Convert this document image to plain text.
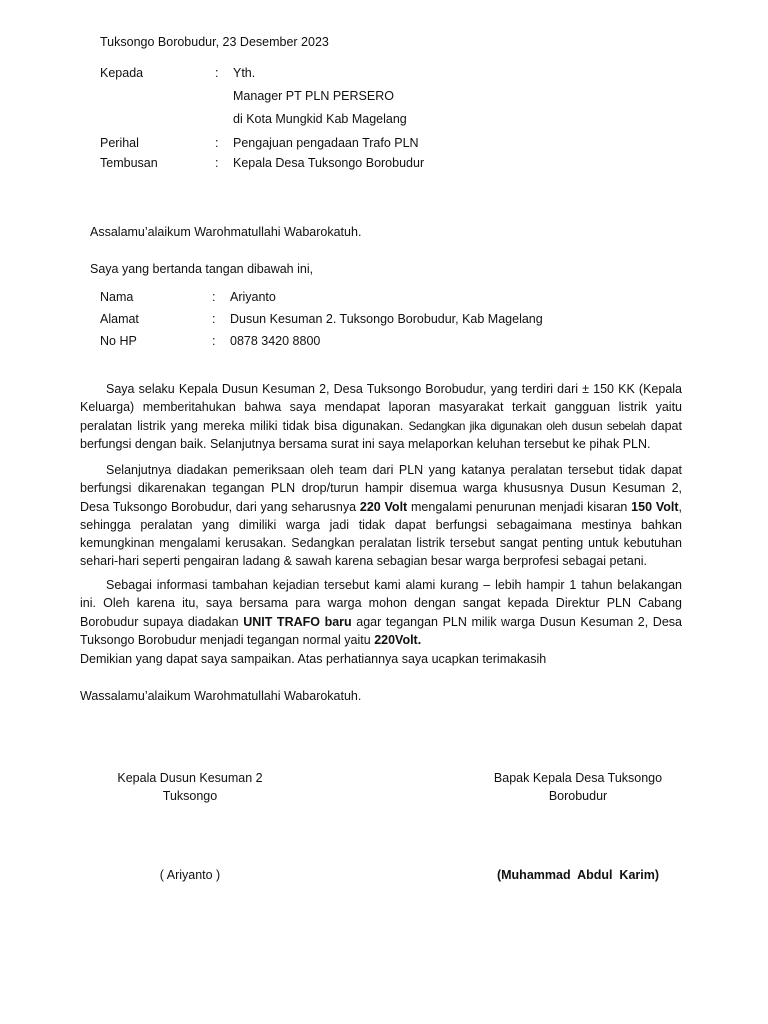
Tuksongo Borobudur, 23 Desember 2023
Kepada	: Yth.
Manager PT PLN PERSERO
di Kota Mungkid Kab Magelang
Perihal	: Pengajuan pengadaan Trafo PLN
Tembusan	: Kepala Desa Tuksongo Borobudur
Assalamu’alaikum Warohmatullahi Wabarokatuh.
Saya yang bertanda tangan dibawah ini,
Nama	: Ariyanto
Alamat	: Dusun Kesuman 2. Tuksongo Borobudur, Kab Magelang
No HP	: 0878 3420 8800
Saya selaku Kepala Dusun Kesuman 2, Desa Tuksongo Borobudur, yang terdiri dari ± 150 KK (Kepala Keluarga) memberitahukan bahwa saya mendapat laporan masyarakat terkait gangguan listrik yaitu peralatan listrik yang mereka miliki tidak bisa digunakan. Sedangkan jika digunakan oleh dusun sebelah dapat berfungsi dengan baik. Selanjutnya bersama surat ini saya melaporkan keluhan tersebut ke pihak PLN.
Selanjutnya diadakan pemeriksaan oleh team dari PLN yang katanya peralatan tersebut tidak dapat berfungsi dikarenakan tegangan PLN drop/turun hampir disemua warga khususnya Dusun Kesuman 2, Desa Tuksongo Borobudur, dari yang seharusnya 220 Volt mengalami penurunan menjadi kisaran 150 Volt, sehingga peralatan yang dimiliki warga jadi tidak dapat berfungsi sebagaimana mestinya bahkan kemungkinan mengalami kerusakan. Sedangkan peralatan listrik tersebut sangat penting untuk kebutuhan sehari-hari seperti pengairan ladang & sawah karena sebagian besar warga berprofesi sebagai petani.
Sebagai informasi tambahan kejadian tersebut kami alami kurang – lebih hampir 1 tahun belakangan ini. Oleh karena itu, saya bersama para warga mohon dengan sangat kepada Direktur PLN Cabang Borobudur supaya diadakan UNIT TRAFO baru agar tegangan PLN milik warga Dusun Kesuman 2, Desa Tuksongo Borobudur menjadi tegangan normal yaitu 220Volt.
Demikian yang dapat saya sampaikan. Atas perhatiannya saya ucapkan terimakasih
Wassalamu’alaikum Warohmatullahi Wabarokatuh.
Kepala Dusun Kesuman 2
Tuksongo
( Ariyanto )
Bapak Kepala Desa Tuksongo
Borobudur
(Muhammad  Abdul  Karim)
